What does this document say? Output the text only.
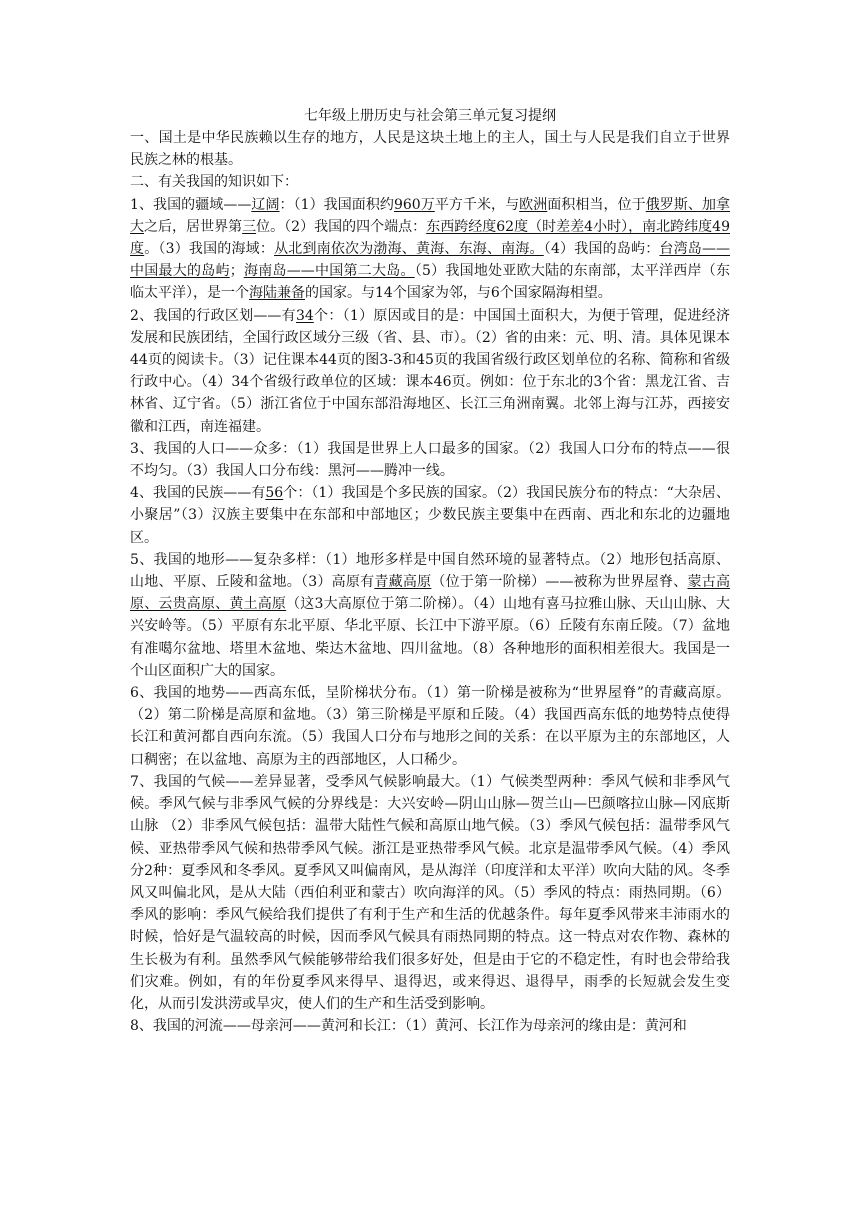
七年级上册历史与社会第三单元复习提纲

一、国土是中华民族赖以生存的地方，人民是这块土地上的主人，国土与人民是我们自立于世界民族之林的根基。

二、有关我国的知识如下：

1、我国的疆域——辽阔：（1）我国面积约960万平方千米，与欧洲面积相当，位于俄罗斯、加拿大之后，居世界第三位。（2）我国的四个端点：东西跨经度62度（时差差4小时），南北跨纬度49度。（3）我国的海域：从北到南依次为渤海、黄海、东海、南海。（4）我国的岛屿：台湾岛——中国最大的岛屿；海南岛——中国第二大岛。（5）我国地处亚欧大陆的东南部，太平洋西岸（东临太平洋），是一个海陆兼备的国家。与14个国家为邻，与6个国家隔海相望。

2、我国的行政区划——有34个：（1）原因或目的是：中国国土面积大，为便于管理，促进经济发展和民族团结，全国行政区域分三级（省、县、市）。（2）省的由来：元、明、清。具体见课本44页的阅读卡。（3）记住课本44页的图3-3和45页的我国省级行政区划单位的名称、简称和省级行政中心。（4）34个省级行政单位的区域：课本46页。例如：位于东北的3个省：黑龙江省、吉林省、辽宁省。（5）浙江省位于中国东部沿海地区、长江三角洲南翼。北邻上海与江苏，西接安徽和江西，南连福建。

3、我国的人口——众多：（1）我国是世界上人口最多的国家。（2）我国人口分布的特点——很不均匀。（3）我国人口分布线：黑河——腾冲一线。

4、我国的民族——有56个：（1）我国是个多民族的国家。（2）我国民族分布的特点：“大杂居、小聚居”（3）汉族主要集中在东部和中部地区；少数民族主要集中在西南、西北和东北的边疆地区。

5、我国的地形——复杂多样：（1）地形多样是中国自然环境的显著特点。（2）地形包括高原、山地、平原、丘陵和盆地。（3）高原有青藏高原（位于第一阶梯）——被称为世界屋脊、蒙古高原、云贵高原、黄土高原（这3大高原位于第二阶梯）。（4）山地有喜马拉雅山脉、天山山脉、大兴安岭等。（5）平原有东北平原、华北平原、长江中下游平原。（6）丘陵有东南丘陵。（7）盆地有准噶尔盆地、塔里木盆地、柴达木盆地、四川盆地。（8）各种地形的面积相差很大。我国是一个山区面积广大的国家。

6、我国的地势——西高东低，呈阶梯状分布。（1）第一阶梯是被称为“世界屋脊”的青藏高原。（2）第二阶梯是高原和盆地。（3）第三阶梯是平原和丘陵。（4）我国西高东低的地势特点使得长江和黄河都自西向东流。（5）我国人口分布与地形之间的关系：在以平原为主的东部地区，人口稠密；在以盆地、高原为主的西部地区，人口稀少。

7、我国的气候——差异显著，受季风气候影响最大。（1）气候类型两种：季风气候和非季风气候。季风气候与非季风气候的分界线是：大兴安岭—阴山山脉—贺兰山—巴颜喀拉山脉—冈底斯山脉 （2）非季风气候包括：温带大陆性气候和高原山地气候。（3）季风气候包括：温带季风气候、亚热带季风气候和热带季风气候。浙江是亚热带季风气候。北京是温带季风气候。（4）季风分2种：夏季风和冬季风。夏季风又叫偏南风，是从海洋（印度洋和太平洋）吹向大陆的风。冬季风又叫偏北风，是从大陆（西伯利亚和蒙古）吹向海洋的风。（5）季风的特点：雨热同期。（6）季风的影响：季风气候给我们提供了有利于生产和生活的优越条件。每年夏季风带来丰沛雨水的时候，恰好是气温较高的时候，因而季风气候具有雨热同期的特点。这一特点对农作物、森林的生长极为有利。虽然季风气候能够带给我们很多好处，但是由于它的不稳定性，有时也会带给我们灾难。例如，有的年份夏季风来得早、退得迟，或来得迟、退得早，雨季的长短就会发生变化，从而引发洪涝或旱灾，使人们的生产和生活受到影响。

8、我国的河流——母亲河——黄河和长江：（1）黄河、长江作为母亲河的缘由是：黄河和
